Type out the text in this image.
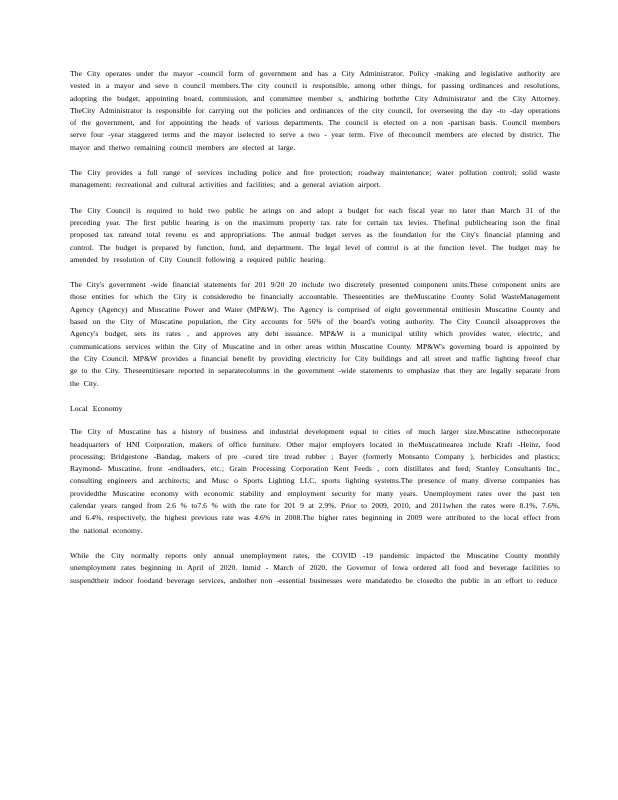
The City operates under the mayor -council form of government and has a City Administrator. Policy -making and legislative authority are vested in a mayor and seve n council members.The city council is responsible, among other things, for passing ordinances and resolutions, adopting the budget, appointing board, commission, and committee member s, andhiring bothrthe City Administrator and the City Attorney. TheCity Administrator is responsible for carrying out the policies and ordinances of the city council, for overseeing the day -to -day operations of the government, and for appointing the heads of various departments. The council is elected on a non -partisan basis. Council members serve four -year staggered terms and the mayor iselected to serve a two - year term. Five of thecouncil members are elected by district. The mayor and thetwo remaining council members are elected at large.

The City provides a full range of services including police and fire protection; roadway maintenance; water pollution control; solid waste management; recreational and cultural activities and facilities; and a general aviation airport.

The City Council is required to hold two public he arings on and adopt a budget for each fiscal year no later than March 31 of the preceding year. The first public hearing is on the maximum property tax rate for certain tax levies. Thefinal publichearing ison the final proposed tax rateand total revenu es and appropriations. The annual budget serves as the foundation for the City's financial planning and control. The budget is prepared by function, fund, and department. The legal level of control is at the function level. The budget may be amended by resolution of City Council following a required public hearing.

The City's government -wide financial statements for 201 9/20 20 include two discretely presented component units.These component units are those entities for which the City is consideredto be financially accountable. Theseentities are theMuscatine County Solid WasteManagement Agency (Agency) and Muscatine Power and Water (MP&W). The Agency is comprised of eight governmental entitiesin Muscatine County and based on the City of Muscatine population, the City accounts for 56% of the board's voting authority. The City Council alsoapproves the Agency's budget, sets its rates , and approves any debt issuance. MP&W is a municipal utility which provides water, electric, and communications services within the City of Muscatine and in other areas within Muscatine County. MP&W's governing board is appointed by the City Council. MP&W provides a financial benefit by providing electricity for City buildings and all street and traffic lighting freeof char ge to the City. Theseentitiesare reported in separatecolumns in the government -wide statements to emphasize that they are legally separate from the City.

Local Economy

The City of Muscatine has a history of business and industrial development equal to cities of much larger size.Muscatine isthecorporate headquarters of HNI Corporation, makers of office furniture. Other major employers located in theMuscatinearea include Kraft -Heinz, food processing; Bridgestone -Bandag, makers of pre -cured tire tread rubber ; Bayer (formerly Monsanto Company ), herbicides and plastics; Raymond- Muscatine, front -endloaders, etc.; Grain Processing Corporation Kent Feeds , corn distillates and feed; Stanley Consultants Inc., consulting engineers and architects; and Musc o Sports Lighting LLC, sports lighting systems.The presence of many diverse companies has providedthe Muscatine economy with economic stability and employment security for many years. Unemployment rates over the past ten calendar years ranged from 2.6 % to7.6 % with the rate for 201 9 at 2.9%. Prior to 2009, 2010, and 2011when the rates were 8.1%, 7.6%, and 6.4%, respectively, the highest previous rate was 4.6% in 2008.The higher rates beginning in 2009 were attributed to the local effect from the national economy.

While the City normally reports only annual unemployment rates, the COVID -19 pandemic impacted the Muscatine County monthly unemployment rates beginning in April of 2020. Inmid - March of 2020, the Governor of Iowa ordered all food and beverage facilities to suspendtheir indoor foodand beverage services, andother non -essential businesses were mandatedto be closedto the public in an effort to reduce
